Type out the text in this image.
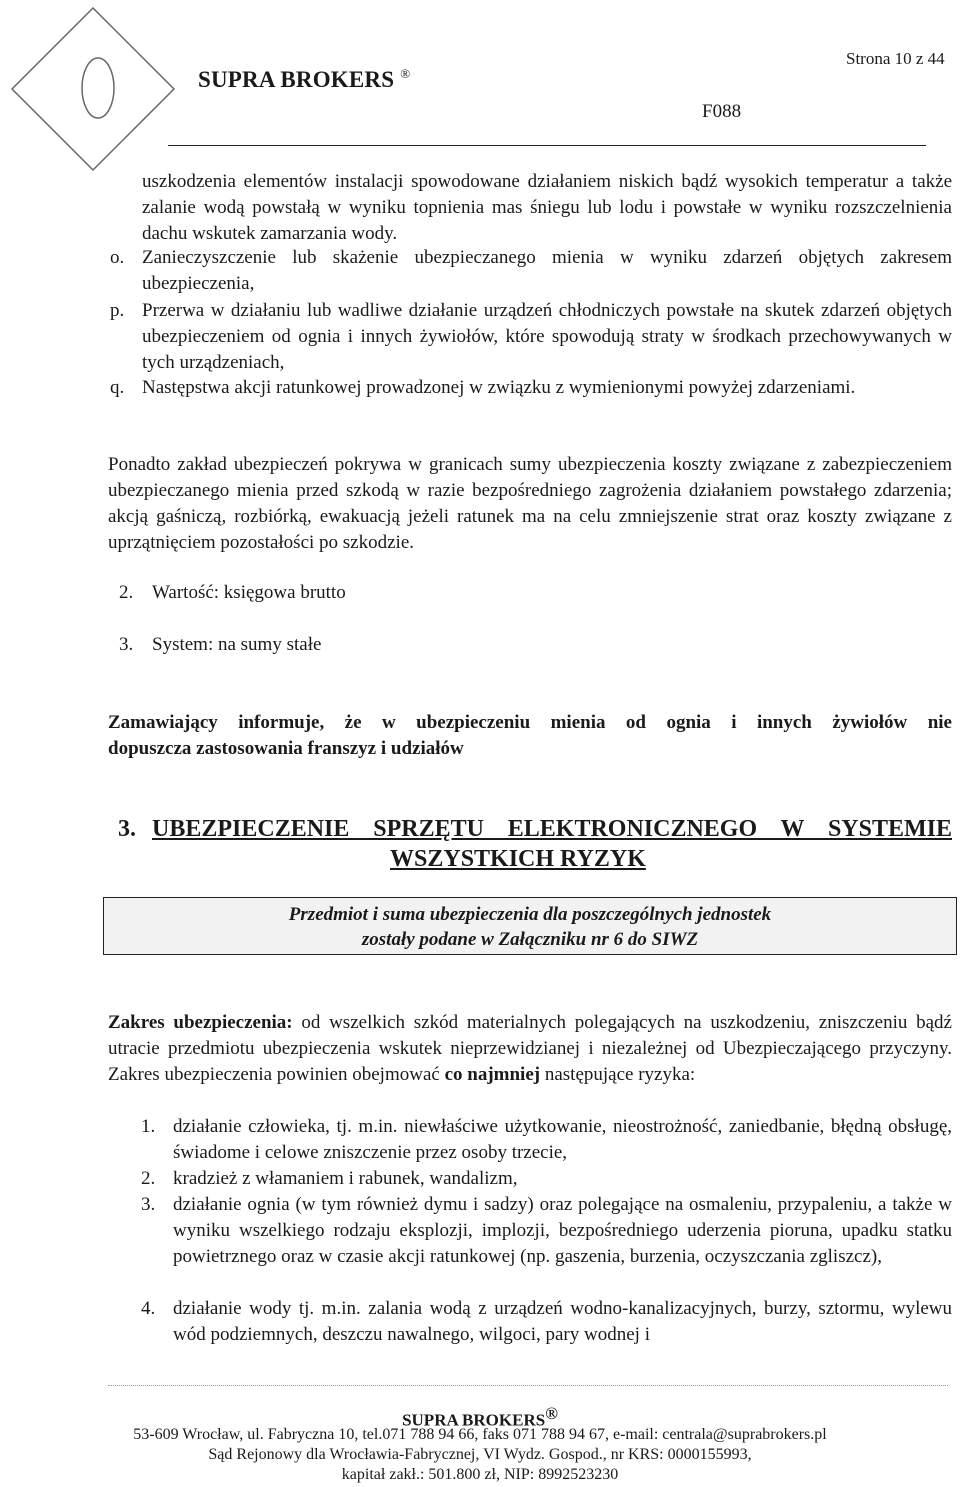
SUPRA BROKERS ®
Strona 10 z 44
F088
uszkodzenia elementów instalacji spowodowane działaniem niskich bądź wysokich temperatur a także zalanie wodą powstałą w wyniku topnienia mas śniegu lub lodu i powstałe w wyniku rozszczelnienia dachu wskutek zamarzania wody.
o. Zanieczyszczenie lub skażenie ubezpieczanego mienia w wyniku zdarzeń objętych zakresem ubezpieczenia,
p. Przerwa w działaniu lub wadliwe działanie urządzeń chłodniczych powstałe na skutek zdarzeń objętych ubezpieczeniem od ognia i innych żywiołów, które spowodują straty w środkach przechowywanych w tych urządzeniach,
q. Następstwa akcji ratunkowej prowadzonej w związku z wymienionymi powyżej zdarzeniami.
Ponadto zakład ubezpieczeń pokrywa w granicach sumy ubezpieczenia koszty związane z zabezpieczeniem ubezpieczanego mienia przed szkodą w razie bezpośredniego zagrożenia działaniem powstałego zdarzenia; akcją gaśniczą, rozbiórką, ewakuacją jeżeli ratunek ma na celu zmniejszenie strat oraz koszty związane z uprzątnięciem pozostałości po szkodzie.
2. Wartość: księgowa brutto
3. System: na sumy stałe
Zamawiający informuje, że w ubezpieczeniu mienia od ognia i innych żywiołów nie
dopuszcza zastosowania franszyz i udziałów
3. UBEZPIECZENIE SPRZĘTU ELEKTRONICZNEGO W SYSTEMIE
WSZYSTKICH RYZYK
Przedmiot i suma ubezpieczenia dla poszczególnych jednostek
zostały podane w Załączniku nr 6 do SIWZ
Zakres ubezpieczenia: od wszelkich szkód materialnych polegających na uszkodzeniu, zniszczeniu bądź utracie przedmiotu ubezpieczenia wskutek nieprzewidzianej i niezależnej od Ubezpieczającego przyczyny. Zakres ubezpieczenia powinien obejmować co najmniej następujące ryzyka:
1. działanie człowieka, tj. m.in. niewłaściwe użytkowanie, nieostrożność, zaniedbanie, błędną obsługę, świadome i celowe zniszczenie przez osoby trzecie,
2. kradzież z włamaniem i rabunek, wandalizm,
3. działanie ognia (w tym również dymu i sadzy) oraz polegające na osmaleniu, przypaleniu, a także w wyniku wszelkiego rodzaju eksplozji, implozji, bezpośredniego uderzenia pioruna, upadku statku powietrznego oraz w czasie akcji ratunkowej (np. gaszenia, burzenia, oczyszczania zgliszcz),
4. działanie wody tj. m.in. zalania wodą z urządzeń wodno-kanalizacyjnych, burzy, sztormu, wylewu wód podziemnych, deszczu nawalnego, wilgoci, pary wodnej i
SUPRA BROKERS®
53-609 Wrocław, ul. Fabryczna 10, tel.071 788 94 66, faks 071 788 94 67, e-mail: centrala@suprabrokers.pl
Sąd Rejonowy dla Wrocławia-Fabrycznej, VI Wydz. Gospod., nr KRS: 0000155993,
kapitał zakł.: 501.800 zł, NIP: 8992523230
